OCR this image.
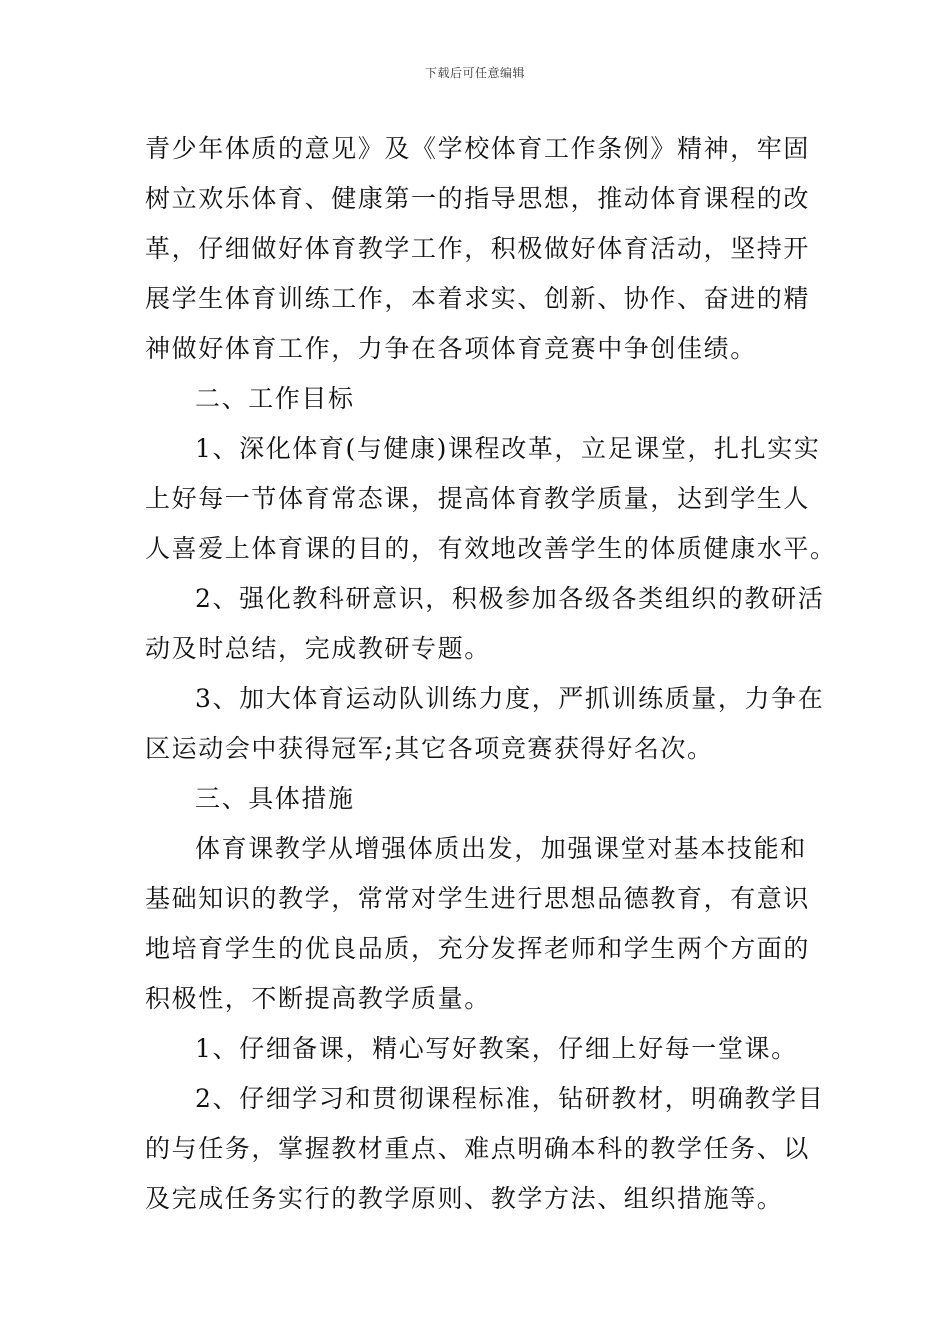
下载后可任意编辑
青少年体质的意见》及《学校体育工作条例》精神，牢固
树立欢乐体育、健康第一的指导思想，推动体育课程的改
革，仔细做好体育教学工作，积极做好体育活动，坚持开
展学生体育训练工作，本着求实、创新、协作、奋进的精
神做好体育工作，力争在各项体育竞赛中争创佳绩。
二、工作目标
1、深化体育(与健康)课程改革，立足课堂，扎扎实实
上好每一节体育常态课，提高体育教学质量，达到学生人
人喜爱上体育课的目的，有效地改善学生的体质健康水平。
2、强化教科研意识，积极参加各级各类组织的教研活
动及时总结，完成教研专题。
3、加大体育运动队训练力度，严抓训练质量，力争在
区运动会中获得冠军;其它各项竞赛获得好名次。
三、具体措施
体育课教学从增强体质出发，加强课堂对基本技能和
基础知识的教学，常常对学生进行思想品德教育，有意识
地培育学生的优良品质，充分发挥老师和学生两个方面的
积极性，不断提高教学质量。
1、仔细备课，精心写好教案，仔细上好每一堂课。
2、仔细学习和贯彻课程标准，钻研教材，明确教学目
的与任务，掌握教材重点、难点明确本科的教学任务、以
及完成任务实行的教学原则、教学方法、组织措施等。
